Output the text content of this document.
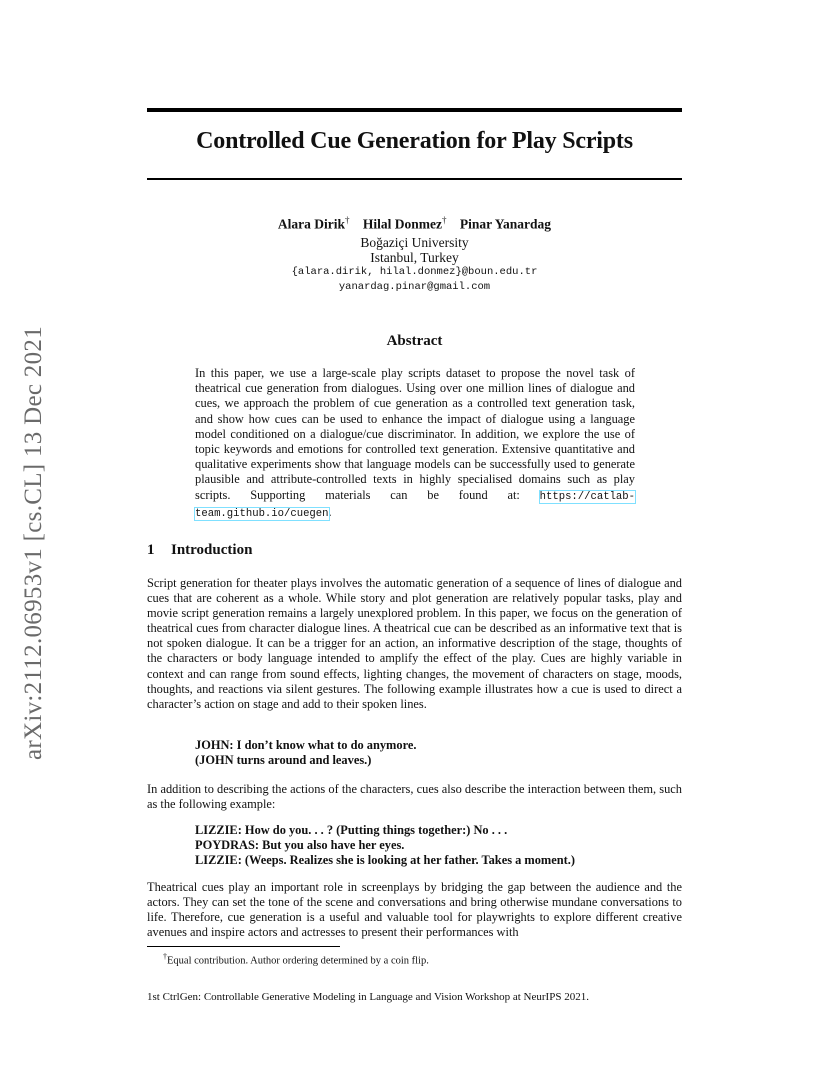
Controlled Cue Generation for Play Scripts
Alara Dirik† Hilal Donmez† Pinar Yanardag
Boğaziçi University
Istanbul, Turkey
{alara.dirik, hilal.donmez}@boun.edu.tr
yanardag.pinar@gmail.com
arXiv:2112.06953v1 [cs.CL] 13 Dec 2021	Abstract
In this paper, we use a large-scale play scripts dataset to propose the novel task of theatrical cue generation from dialogues. Using over one million lines of dialogue and cues, we approach the problem of cue generation as a controlled text generation task, and show how cues can be used to enhance the impact of dialogue using a language model conditioned on a dialogue/cue discriminator. In addition, we explore the use of topic keywords and emotions for controlled text generation. Extensive quantitative and qualitative experiments show that language models can be successfully used to generate plausible and attribute-controlled texts in highly specialised domains such as play scripts. Supporting materials can be found at: https://catlab-team.github.io/cuegen.
1 Introduction
Script generation for theater plays involves the automatic generation of a sequence of lines of dialogue and cues that are coherent as a whole. While story and plot generation are relatively popular tasks, play and movie script generation remains a largely unexplored problem. In this paper, we focus on the generation of theatrical cues from character dialogue lines. A theatrical cue can be described as an informative text that is not spoken dialogue. It can be a trigger for an action, an informative description of the stage, thoughts of the characters or body language intended to amplify the effect of the play. Cues are highly variable in context and can range from sound effects, lighting changes, the movement of characters on stage, moods, thoughts, and reactions via silent gestures. The following example illustrates how a cue is used to direct a character’s action on stage and add to their spoken lines.
JOHN: I don’t know what to do anymore.
(JOHN turns around and leaves.)
In addition to describing the actions of the characters, cues also describe the interaction between them, such as the following example:
LIZZIE: How do you. . . ? (Putting things together:) No . . .
POYDRAS: But you also have her eyes.
LIZZIE: (Weeps. Realizes she is looking at her father. Takes a moment.)
Theatrical cues play an important role in screenplays by bridging the gap between the audience and the actors. They can set the tone of the scene and conversations and bring otherwise mundane conversations to life. Therefore, cue generation is a useful and valuable tool for playwrights to explore different creative avenues and inspire actors and actresses to present their performances with
†Equal contribution. Author ordering determined by a coin flip.
1st CtrlGen: Controllable Generative Modeling in Language and Vision Workshop at NeurIPS 2021.
